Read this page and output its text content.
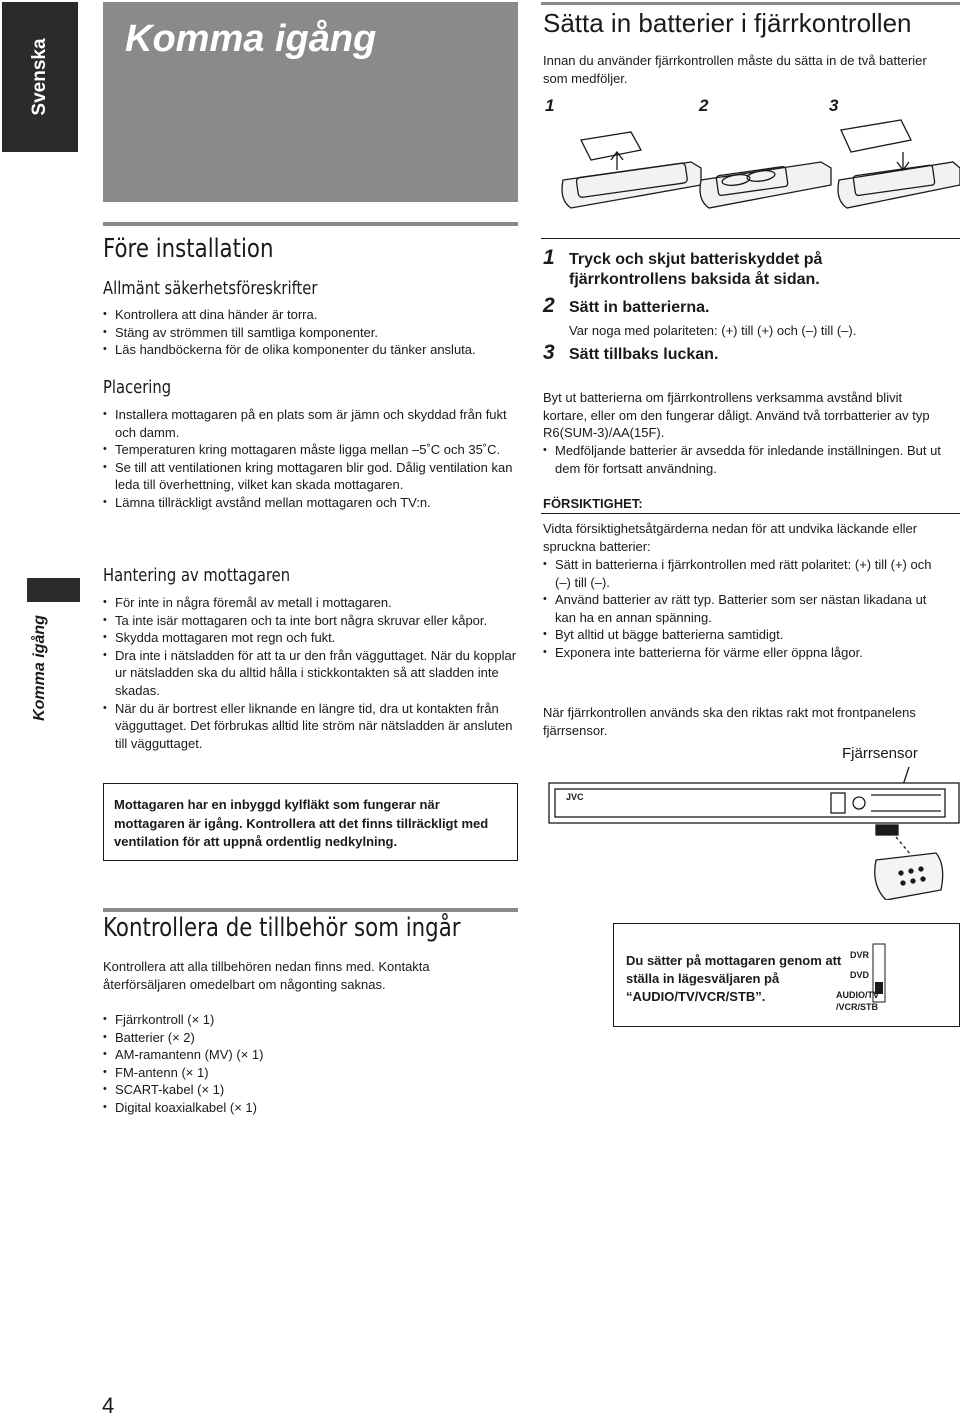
Svenska
Komma igång
Komma igång
Före installation
Allmänt säkerhetsföreskrifter
• Kontrollera att dina händer är torra.
• Stäng av strömmen till samtliga komponenter.
• Läs handböckerna för de olika komponenter du tänker ansluta.
Placering
• Installera mottagaren på en plats som är jämn och skyddad från fukt och damm.
• Temperaturen kring mottagaren måste ligga mellan –5˚C och 35˚C.
• Se till att ventilationen kring mottagaren blir god. Dålig ventilation kan leda till överhettning, vilket kan skada mottagaren.
• Lämna tillräckligt avstånd mellan mottagaren och TV:n.
Hantering av mottagaren
• För inte in några föremål av metall i mottagaren.
• Ta inte isär mottagaren och ta inte bort några skruvar eller kåpor.
• Skydda mottagaren mot regn och fukt.
• Dra inte i nätsladden för att ta ur den från vägguttaget. När du kopplar ur nätsladden ska du alltid hålla i stickkontakten så att sladden inte skadas.
• När du är bortrest eller liknande en längre tid, dra ut kontakten från vägguttaget. Det förbrukas alltid lite ström när nätsladden är ansluten till vägguttaget.
Mottagaren har en inbyggd kylfläkt som fungerar när mottagaren är igång. Kontrollera att det finns tillräckligt med ventilation för att uppnå ordentlig nedkylning.
Kontrollera de tillbehör som ingår
Kontrollera att alla tillbehören nedan finns med. Kontakta återförsäljaren omedelbart om någonting saknas.
• Fjärrkontroll (× 1)
• Batterier (× 2)
• AM-ramantenn (MV) (× 1)
• FM-antenn (× 1)
• SCART-kabel (× 1)
• Digital koaxialkabel (× 1)
Sätta in batterier i fjärrkontrollen
Innan du använder fjärrkontrollen måste du sätta in de två batterier som medföljer.
1	2	3
1 Tryck och skjut batteriskyddet på fjärrkontrollens baksida åt sidan.
2 Sätt in batterierna.
Var noga med polariteten: (+) till (+) och (–) till (–).
3 Sätt tillbaks luckan.
Byt ut batterierna om fjärrkontrollens verksamma avstånd blivit kortare, eller om den fungerar dåligt. Använd två torrbatterier av typ R6(SUM-3)/AA(15F).
• Medföljande batterier är avsedda för inledande inställningen. But ut dem för fortsatt användning.
FÖRSIKTIGHET:
Vidta försiktighetsåtgärderna nedan för att undvika läckande eller spruckna batterier:
• Sätt in batterierna i fjärrkontrollen med rätt polaritet: (+) till (+) och (–) till (–).
• Använd batterier av rätt typ. Batterier som ser nästan likadana ut kan ha en annan spänning.
• Byt alltid ut bägge batterierna samtidigt.
• Exponera inte batterierna för värme eller öppna lågor.
När fjärrkontrollen används ska den riktas rakt mot frontpanelens fjärrsensor.
Fjärrsensor
JVC
Du sätter på mottagaren genom att ställa in lägesväljaren på “AUDIO/TV/VCR/STB”.
DVR
DVD
AUDIO/TV
/VCR/STB
4
